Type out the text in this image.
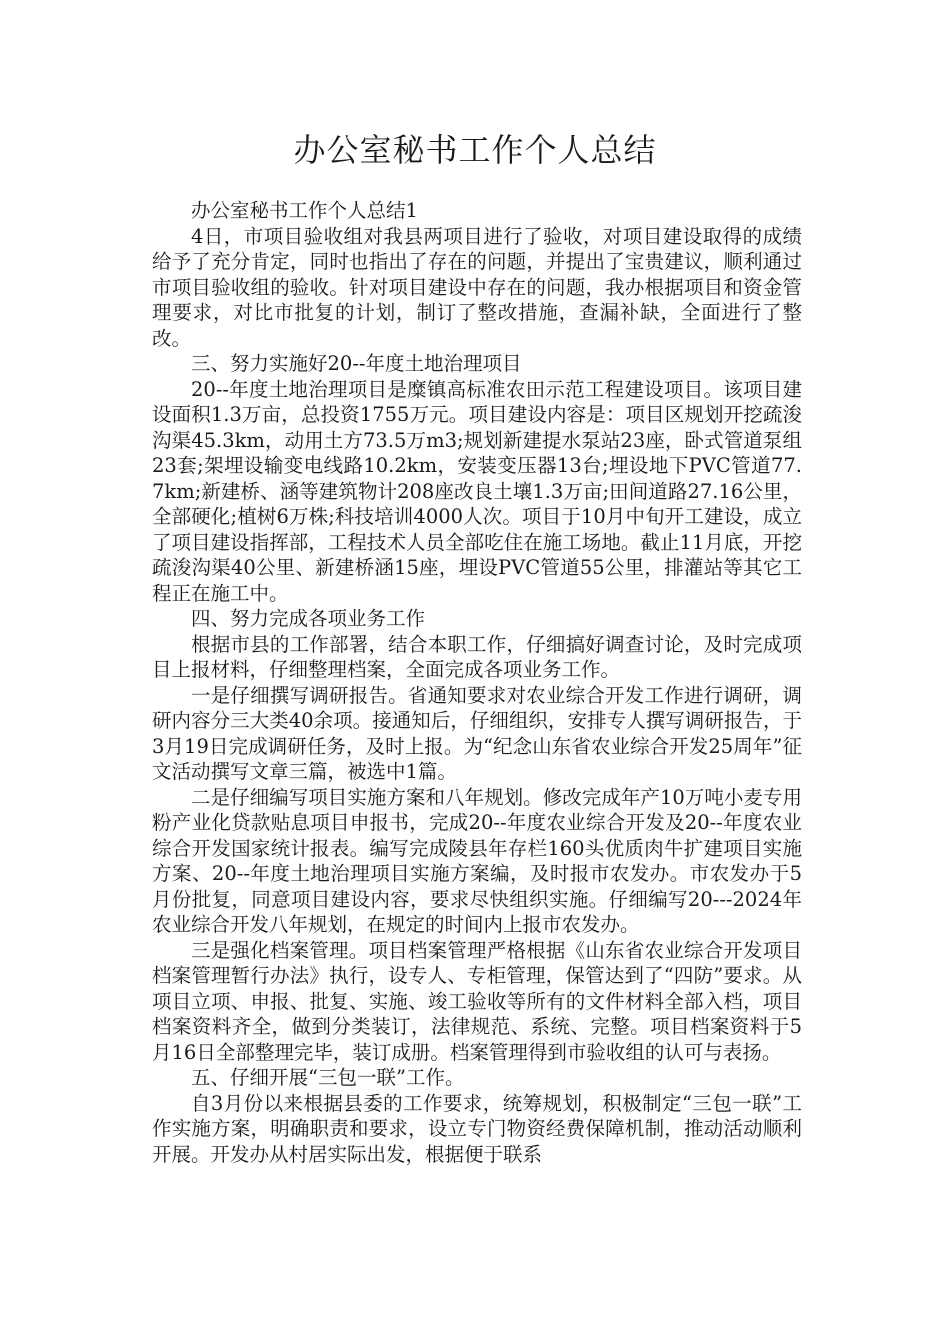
办公室秘书工作个人总结

办公室秘书工作个人总结1

4日，市项目验收组对我县两项目进行了验收，对项目建设取得的成绩给予了充分肯定，同时也指出了存在的问题，并提出了宝贵建议，顺利通过市项目验收组的验收。针对项目建设中存在的问题，我办根据项目和资金管理要求，对比市批复的计划，制订了整改措施，查漏补缺，全面进行了整改。

三、努力实施好20--年度土地治理项目

20--年度土地治理项目是糜镇高标准农田示范工程建设项目。该项目建设面积1.3万亩，总投资1755万元。项目建设内容是：项目区规划开挖疏浚沟渠45.3km，动用土方73.5万m3;规划新建提水泵站23座，卧式管道泵组23套;架埋设输变电线路10.2km，安装变压器13台;埋设地下PVC管道77.7km;新建桥、涵等建筑物计208座改良土壤1.3万亩;田间道路27.16公里，全部硬化;植树6万株;科技培训4000人次。项目于10月中旬开工建设，成立了项目建设指挥部，工程技术人员全部吃住在施工场地。截止11月底，开挖疏浚沟渠40公里、新建桥涵15座，埋设PVC管道55公里，排灌站等其它工程正在施工中。

四、努力完成各项业务工作

根据市县的工作部署，结合本职工作，仔细搞好调查讨论，及时完成项目上报材料，仔细整理档案，全面完成各项业务工作。

一是仔细撰写调研报告。省通知要求对农业综合开发工作进行调研，调研内容分三大类40余项。接通知后，仔细组织，安排专人撰写调研报告，于3月19日完成调研任务，及时上报。为“纪念山东省农业综合开发25周年”征文活动撰写文章三篇，被选中1篇。

二是仔细编写项目实施方案和八年规划。修改完成年产10万吨小麦专用粉产业化贷款贴息项目申报书，完成20--年度农业综合开发及20--年度农业综合开发国家统计报表。编写完成陵县年存栏160头优质肉牛扩建项目实施方案、20--年度土地治理项目实施方案编，及时报市农发办。市农发办于5月份批复，同意项目建设内容，要求尽快组织实施。仔细编写20---2024年农业综合开发八年规划，在规定的时间内上报市农发办。

三是强化档案管理。项目档案管理严格根据《山东省农业综合开发项目档案管理暂行办法》执行，设专人、专柜管理，保管达到了“四防”要求。从项目立项、申报、批复、实施、竣工验收等所有的文件材料全部入档，项目档案资料齐全，做到分类装订，法律规范、系统、完整。项目档案资料于5月16日全部整理完毕，装订成册。档案管理得到市验收组的认可与表扬。

五、仔细开展“三包一联”工作。

自3月份以来根据县委的工作要求，统筹规划，积极制定“三包一联”工作实施方案，明确职责和要求，设立专门物资经费保障机制，推动活动顺利开展。开发办从村居实际出发，根据便于联系
